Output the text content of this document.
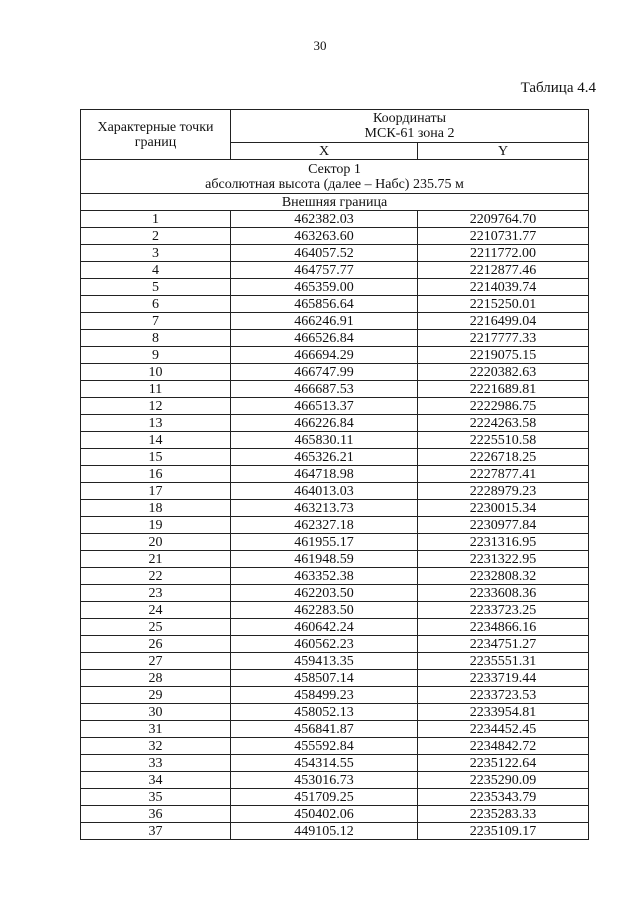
30
Таблица 4.4
Характерные точки
границ	Координаты
МСК-61 зона 2	

	X	Y

Сектор 1
абсолютная высота (далее – Набс) 235.75 м		

Внешняя граница		
1	462382.03	2209764.70
2	463263.60	2210731.77
3	464057.52	2211772.00
4	464757.77	2212877.46
5	465359.00	2214039.74
6	465856.64	2215250.01
7	466246.91	2216499.04
8	466526.84	2217777.33
9	466694.29	2219075.15
10	466747.99	2220382.63
11	466687.53	2221689.81
12	466513.37	2222986.75
13	466226.84	2224263.58
14	465830.11	2225510.58
15	465326.21	2226718.25
16	464718.98	2227877.41
17	464013.03	2228979.23
18	463213.73	2230015.34
19	462327.18	2230977.84
20	461955.17	2231316.95
21	461948.59	2231322.95
22	463352.38	2232808.32
23	462203.50	2233608.36
24	462283.50	2233723.25
25	460642.24	2234866.16
26	460562.23	2234751.27
27	459413.35	2235551.31
28	458507.14	2233719.44
29	458499.23	2233723.53
30	458052.13	2233954.81
31	456841.87	2234452.45
32	455592.84	2234842.72
33	454314.55	2235122.64
34	453016.73	2235290.09
35	451709.25	2235343.79
36	450402.06	2235283.33
37	449105.12	2235109.17
